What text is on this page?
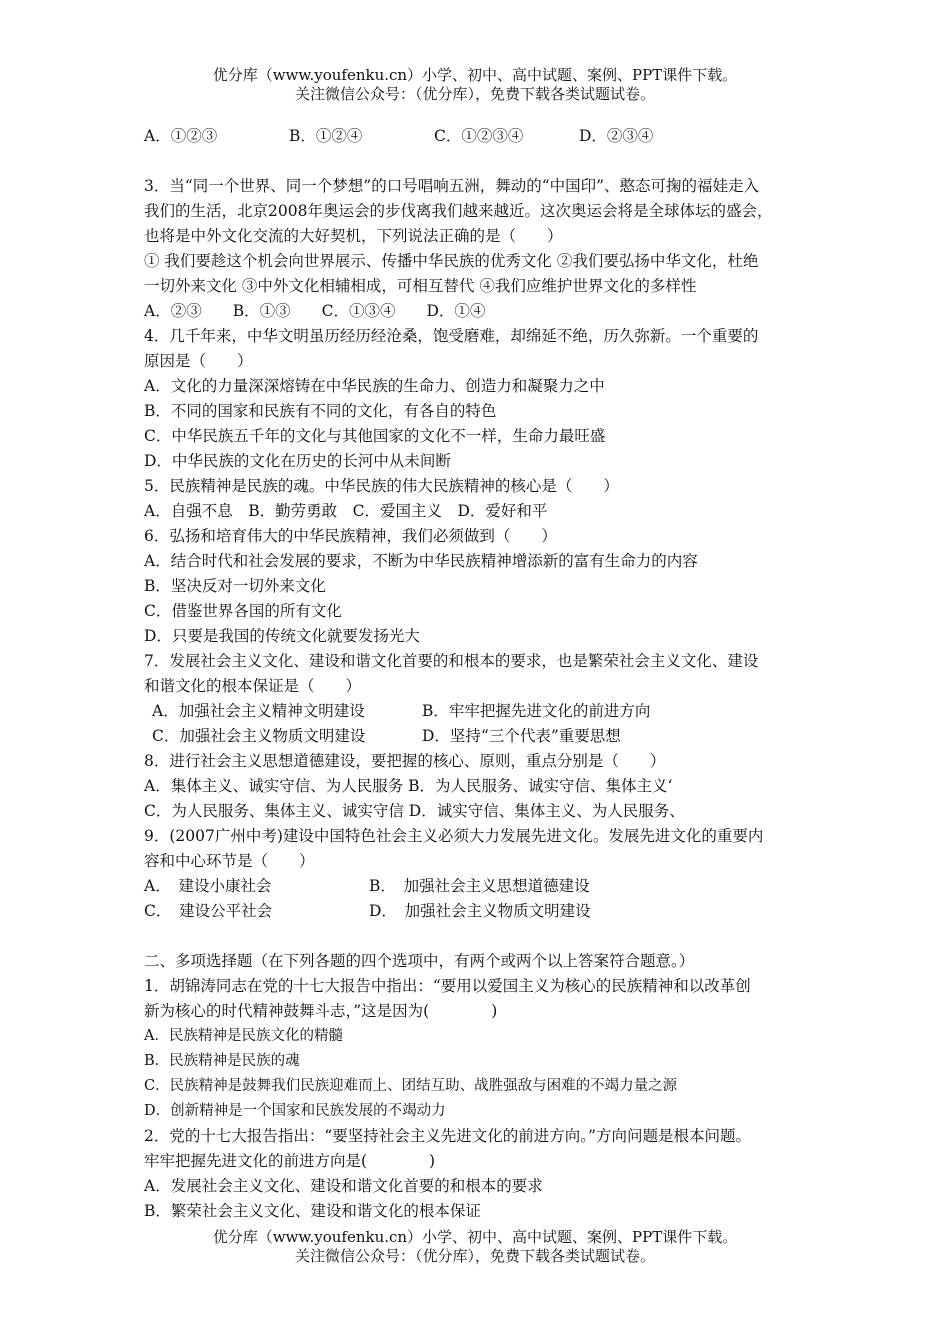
优分库（www.youfenku.cn）小学、初中、高中试题、案例、PPT课件下载。
关注微信公众号：（优分库），免费下载各类试题试卷。
A．①②③	B．①②④	C．①②③④	D．②③④
3．当“同一个世界、同一个梦想”的口号唱响五洲，舞动的“中国印”、憨态可掬的福娃走入
我们的生活，北京2008年奥运会的步伐离我们越来越近。这次奥运会将是全球体坛的盛会，
也将是中外文化交流的大好契机，下列说法正确的是（　　）
① 我们要趁这个机会向世界展示、传播中华民族的优秀文化 ②我们要弘扬中华文化，杜绝
一切外来文化 ③中外文化相辅相成，可相互替代 ④我们应维护世界文化的多样性
A．②③　　B．①③　　C．①③④　　D．①④
4．几千年来，中华文明虽历经历经沧桑，饱受磨难，却绵延不绝，历久弥新。一个重要的
原因是（　　）
A．文化的力量深深熔铸在中华民族的生命力、创造力和凝聚力之中
B．不同的国家和民族有不同的文化，有各自的特色
C．中华民族五千年的文化与其他国家的文化不一样，生命力最旺盛
D．中华民族的文化在历史的长河中从未间断
5．民族精神是民族的魂。中华民族的伟大民族精神的核心是（　　）
A．自强不息　B．勤劳勇敢　C．爱国主义　D．爱好和平
6．弘扬和培育伟大的中华民族精神，我们必须做到（　　）
A．结合时代和社会发展的要求，不断为中华民族精神增添新的富有生命力的内容
B．坚决反对一切外来文化
C．借鉴世界各国的所有文化
D．只要是我国的传统文化就要发扬光大
7．发展社会主义文化、建设和谐文化首要的和根本的要求，也是繁荣社会主义文化、建设
和谐文化的根本保证是（　　）
A．加强社会主义精神文明建设	B．牢牢把握先进文化的前进方向
C．加强社会主义物质文明建设	D．坚持“三个代表”重要思想
8．进行社会主义思想道德建设，要把握的核心、原则，重点分别是（　　）
A．集体主义、诚实守信、为人民服务 B．为人民服务、诚实守信、集体主义‘
C．为人民服务、集体主义、诚实守信 D．诚实守信、集体主义、为人民服务、
9．(2007广州中考)建设中国特色社会主义必须大力发展先进文化。发展先进文化的重要内
容和中心环节是（　　）
A．　建设小康社会	B．　加强社会主义思想道德建设
C．　建设公平社会	D．　加强社会主义物质文明建设
二、多项选择题（在下列各题的四个选项中，有两个或两个以上答案符合题意。）
1．胡锦涛同志在党的十七大报告中指出：“要用以爱国主义为核心的民族精神和以改革创
新为核心的时代精神鼓舞斗志，”这是因为(　　　　)
A．民族精神是民族文化的精髓
B．民族精神是民族的魂
C．民族精神是鼓舞我们民族迎难而上、团结互助、战胜强敌与困难的不竭力量之源
D．创新精神是一个国家和民族发展的不竭动力
2．党的十七大报告指出：“要坚持社会主义先进文化的前进方向。”方向问题是根本问题。
牢牢把握先进文化的前进方向是(　　　　)
A．发展社会主义文化、建设和谐文化首要的和根本的要求
B．繁荣社会主义文化、建设和谐文化的根本保证
优分库（www.youfenku.cn）小学、初中、高中试题、案例、PPT课件下载。
关注微信公众号：（优分库），免费下载各类试题试卷。
